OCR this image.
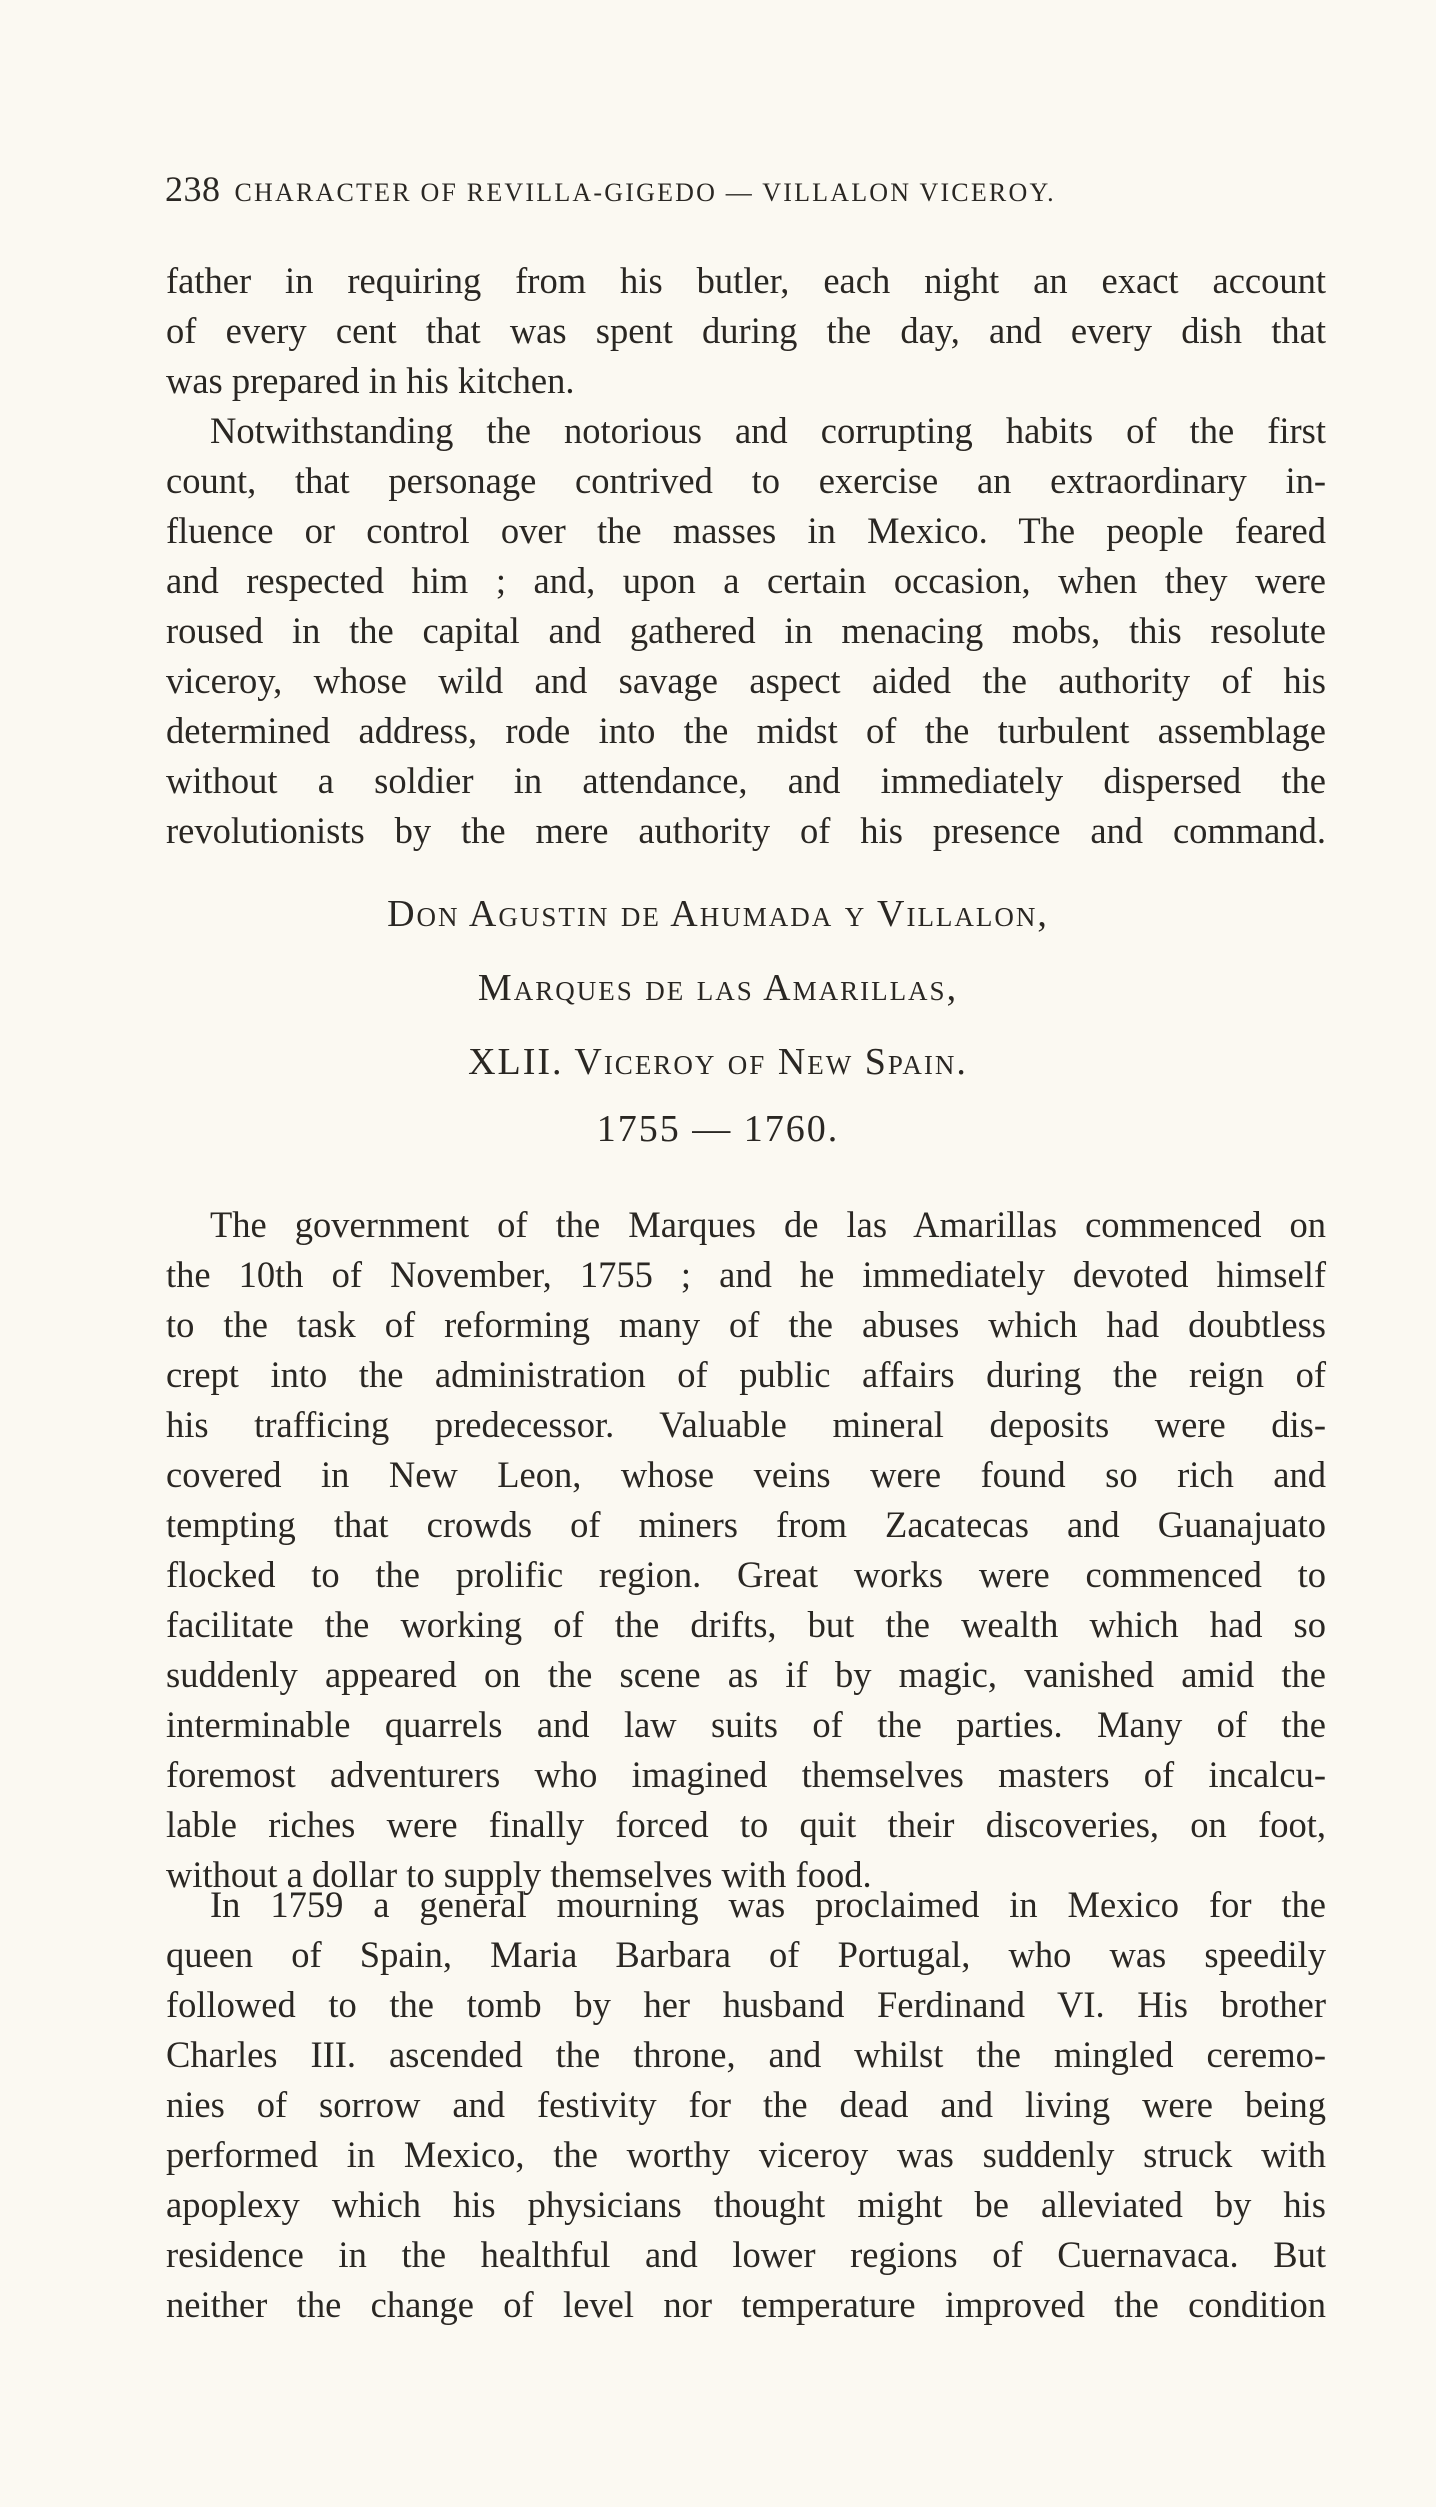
238 CHARACTER OF REVILLA-GIGEDO — VILLALON VICEROY.
father in requiring from his butler, each night an exact account
of every cent that was spent during the day, and every dish that
was prepared in his kitchen.
Notwithstanding the notorious and corrupting habits of the first
count, that personage contrived to exercise an extraordinary in-
fluence or control over the masses in Mexico. The people feared
and respected him ; and, upon a certain occasion, when they were
roused in the capital and gathered in menacing mobs, this resolute
viceroy, whose wild and savage aspect aided the authority of his
determined address, rode into the midst of the turbulent assemblage
without a soldier in attendance, and immediately dispersed the
revolutionists by the mere authority of his presence and command.
Don Agustin de Ahumada y Villalon,
Marques de las Amarillas,
XLII. Viceroy of New Spain.
1755 — 1760.
The government of the Marques de las Amarillas commenced on
the 10th of November, 1755 ; and he immediately devoted himself
to the task of reforming many of the abuses which had doubtless
crept into the administration of public affairs during the reign of
his trafficing predecessor. Valuable mineral deposits were dis-
covered in New Leon, whose veins were found so rich and
tempting that crowds of miners from Zacatecas and Guanajuato
flocked to the prolific region. Great works were commenced to
facilitate the working of the drifts, but the wealth which had so
suddenly appeared on the scene as if by magic, vanished amid the
interminable quarrels and law suits of the parties. Many of the
foremost adventurers who imagined themselves masters of incalcu-
lable riches were finally forced to quit their discoveries, on foot,
without a dollar to supply themselves with food.
In 1759 a general mourning was proclaimed in Mexico for the
queen of Spain, Maria Barbara of Portugal, who was speedily
followed to the tomb by her husband Ferdinand VI. His brother
Charles III. ascended the throne, and whilst the mingled ceremo-
nies of sorrow and festivity for the dead and living were being
performed in Mexico, the worthy viceroy was suddenly struck with
apoplexy which his physicians thought might be alleviated by his
residence in the healthful and lower regions of Cuernavaca. But
neither the change of level nor temperature improved the condition
